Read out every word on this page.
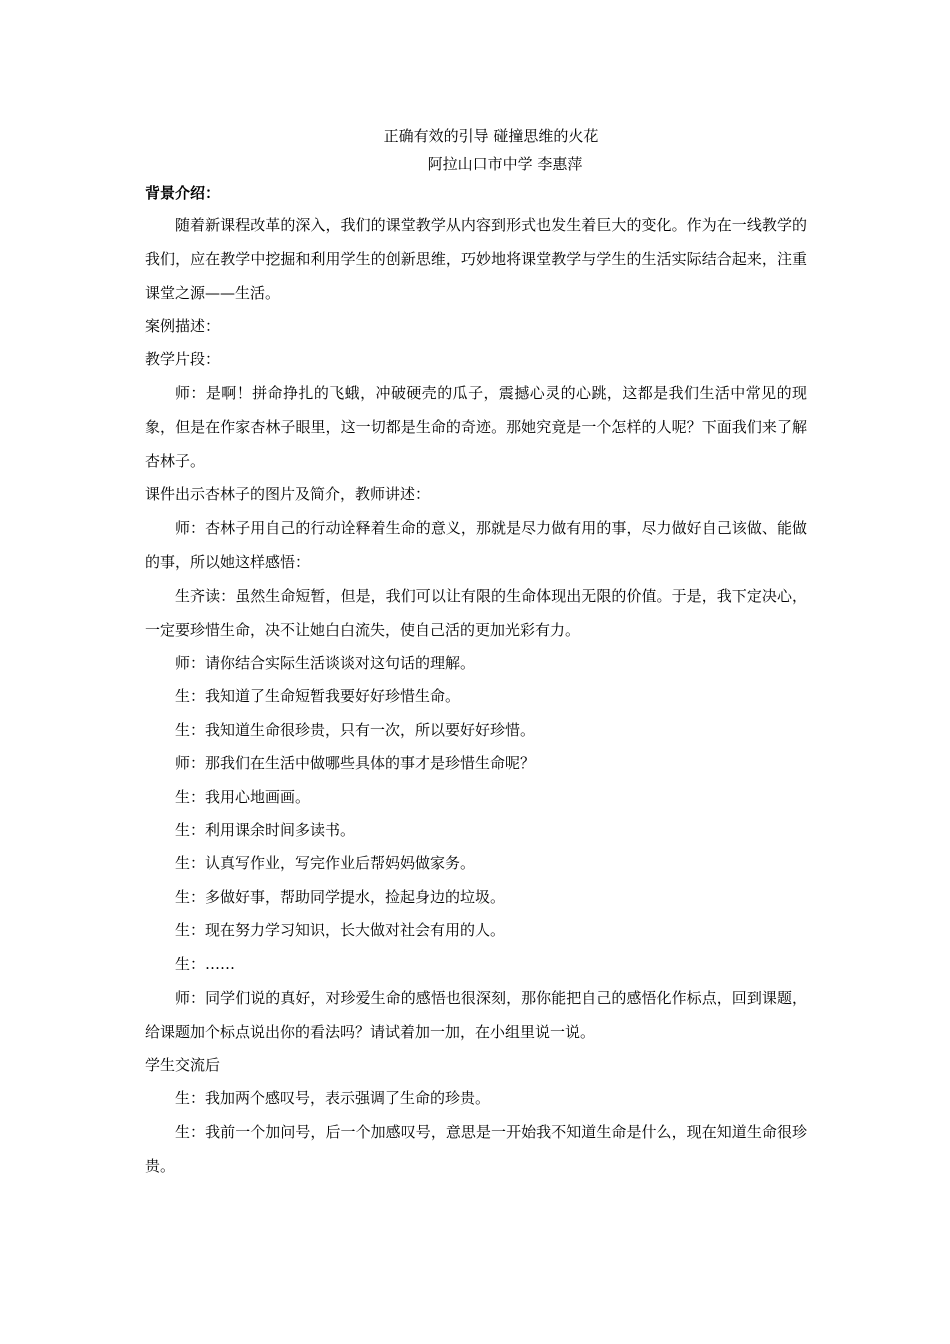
正确有效的引导 碰撞思维的火花
阿拉山口市中学 李惠萍
背景介绍：

随着新课程改革的深入，我们的课堂教学从内容到形式也发生着巨大的变化。作为在一线教学的我们，应在教学中挖掘和利用学生的创新思维，巧妙地将课堂教学与学生的生活实际结合起来，注重课堂之源——生活。

案例描述：

教学片段：

师：是啊！拼命挣扎的飞蛾，冲破硬壳的瓜子，震撼心灵的心跳，这都是我们生活中常见的现象，但是在作家杏林子眼里，这一切都是生命的奇迹。那她究竟是一个怎样的人呢？下面我们来了解杏林子。

课件出示杏林子的图片及简介，教师讲述：

师：杏林子用自己的行动诠释着生命的意义，那就是尽力做有用的事，尽力做好自己该做、能做的事，所以她这样感悟：

生齐读：虽然生命短暂，但是，我们可以让有限的生命体现出无限的价值。于是，我下定决心，一定要珍惜生命，决不让她白白流失，使自己活的更加光彩有力。

师：请你结合实际生活谈谈对这句话的理解。

生：我知道了生命短暂我要好好珍惜生命。

生：我知道生命很珍贵，只有一次，所以要好好珍惜。

师：那我们在生活中做哪些具体的事才是珍惜生命呢？

生：我用心地画画。

生：利用课余时间多读书。

生：认真写作业，写完作业后帮妈妈做家务。

生：多做好事，帮助同学提水，捡起身边的垃圾。

生：现在努力学习知识，长大做对社会有用的人。

生：……

师：同学们说的真好，对珍爱生命的感悟也很深刻，那你能把自己的感悟化作标点，回到课题，给课题加个标点说出你的看法吗？请试着加一加，在小组里说一说。

学生交流后

生：我加两个感叹号，表示强调了生命的珍贵。

生：我前一个加问号，后一个加感叹号，意思是一开始我不知道生命是什么，现在知道生命很珍贵。
